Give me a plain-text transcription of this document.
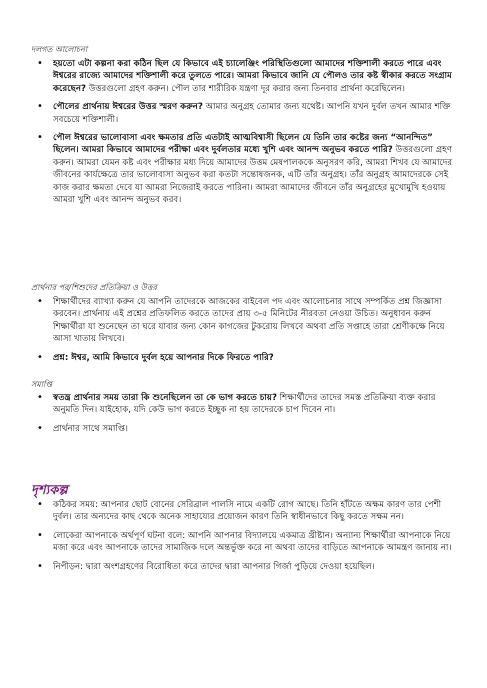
দলগত আলোচনা
• হয়তো এটা কল্পনা করা কঠিন ছিল যে কিভাবে এই চ্যালেঞ্জিং পরিস্থিতিগুলো আমাদের শক্তিশালী করতে পারে এবং ঈশ্বরের রাজ্যে আমাদের শক্তিশালী করে তুলতে পারে। আমরা কিভাবে জানি যে পৌলও তার কষ্ট স্বীকার করতে সংগ্রাম করেছেন? উত্তরগুলো গ্রহণ করুন। পৌল তার শারীরিক যন্ত্রণা দূর করার জন্য তিনবার প্রার্থনা করেছিলেন।
• পৌলের প্রার্থনায় ঈশ্বরের উত্তর স্মরণ করুন? আমার অনুগ্রহ তোমার জন্য যথেষ্ট। আপনি যখন দুর্বল তখন আমার শক্তি সবচেয়ে শক্তিশালী।
• পৌল ঈশ্বরের ভালোবাসা এবং ক্ষমতার প্রতি এতটাই আত্মবিশ্বাসী ছিলেন যে তিনি তার কষ্টের জন্য “আনন্দিত” ছিলেন। আমরা কিভাবে আমাদের পরীক্ষা এবং দুর্বলতার মধ্যে খুশি এবং আনন্দ অনুভব করতে পারি? উত্তরগুলো গ্রহণ করুন। আমরা যেমন কষ্ট এবং পরীক্ষার মধ্য দিয়ে আমাদের উত্তম মেষপালককে অনুসরণ করি, আমরা শিখব যে আমাদের জীবনের কার্যক্ষেত্রে তার ভালোবাসা অনুভব করা কতটা সন্তোষজনক, এটি তাঁর অনুগ্রহ। তাঁর অনুগ্রহ আমাদেরকে সেই কাজ করার ক্ষমতা দেবে যা আমরা নিজেরাই করতে পারিনা। আমরা আমাদের জীবনে তাঁর অনুগ্রহের মুখোমুখি হওয়ায় আমরা খুশি এবং আনন্দ অনুভব করব।
প্রার্থনার পর/শিশুদের প্রতিক্রিয়া ও উত্তর
• শিক্ষার্থীদের ব্যাখ্যা করুন যে আপনি তাদেরকে আজকের বাইবেল পদ এবং আলোচনার সাথে সম্পর্কিত প্রশ্ন জিজ্ঞাসা করবেন। প্রার্থনায় এই প্রশ্নের প্রতিফলিত করতে তাদের প্রায় ৩-৫ মিনিটের নীরবতা নেওয়া উচিত। অনুধাবন করুন শিক্ষার্থীরা যা শুনেছেন তা ঘরে যাবার জন্য কোন কাগজের টুকরোয় লিখবে অথবা প্রতি সপ্তাহে তারা শ্রেণীকক্ষে নিয়ে আসা খাতায় লিখবে।
• প্রশ্ন: ঈশ্বর, আমি কিভাবে দুর্বল হয়ে আপনার দিকে ফিরতে পারি?
সমাপ্তি
• স্বতন্ত্র প্রার্থনার সময় তারা কি শুনেছিলেন তা কে ভাগ করতে চায়? শিক্ষার্থীদের তাদের সমস্ত প্রতিক্রিয়া ব্যক্ত করার অনুমতি দিন। যাইহোক, যদি কেউ ভাগ করতে ইচ্ছুক না হয় তাদেরকে চাপ দিবেন না।
• প্রার্থনার সাথে সমাপ্তি।
দৃশ্যকল্প
• কঠিকর সময়: আপনার ছোট বোনের সেরিব্রাল পালসি নামে একটি রোগ আছে। তিনি হাঁটতে অক্ষম কারণ তার পেশী দুর্বল। তার অন্যদের কাছ থেকে অনেক সাহায্যের প্রয়োজন কারণ তিনি স্বাধীনভাবে কিছু করতে সক্ষম নন।
• লোকেরা আপনাকে অর্থপূর্ণ ঘটনা বলে: আপনি আপনার বিদ্যালয়ে একমাত্র খ্রীষ্টান। অন্যান্য শিক্ষার্থীরা আপনাকে নিয়ে মজা করে এবং আপনাকে তাদের সামাজিক দলে অন্তর্ভুক্ত করে না অথবা তাদের বাড়িতে আপনাকে আমন্ত্রণ জানায় না।
• নিপীড়ন: দ্বারা অংশগ্রহণের বিরোধিতা করে তাদের দ্বারা আপনার গির্জা পুড়িয়ে দেওয়া হয়েছিল।
